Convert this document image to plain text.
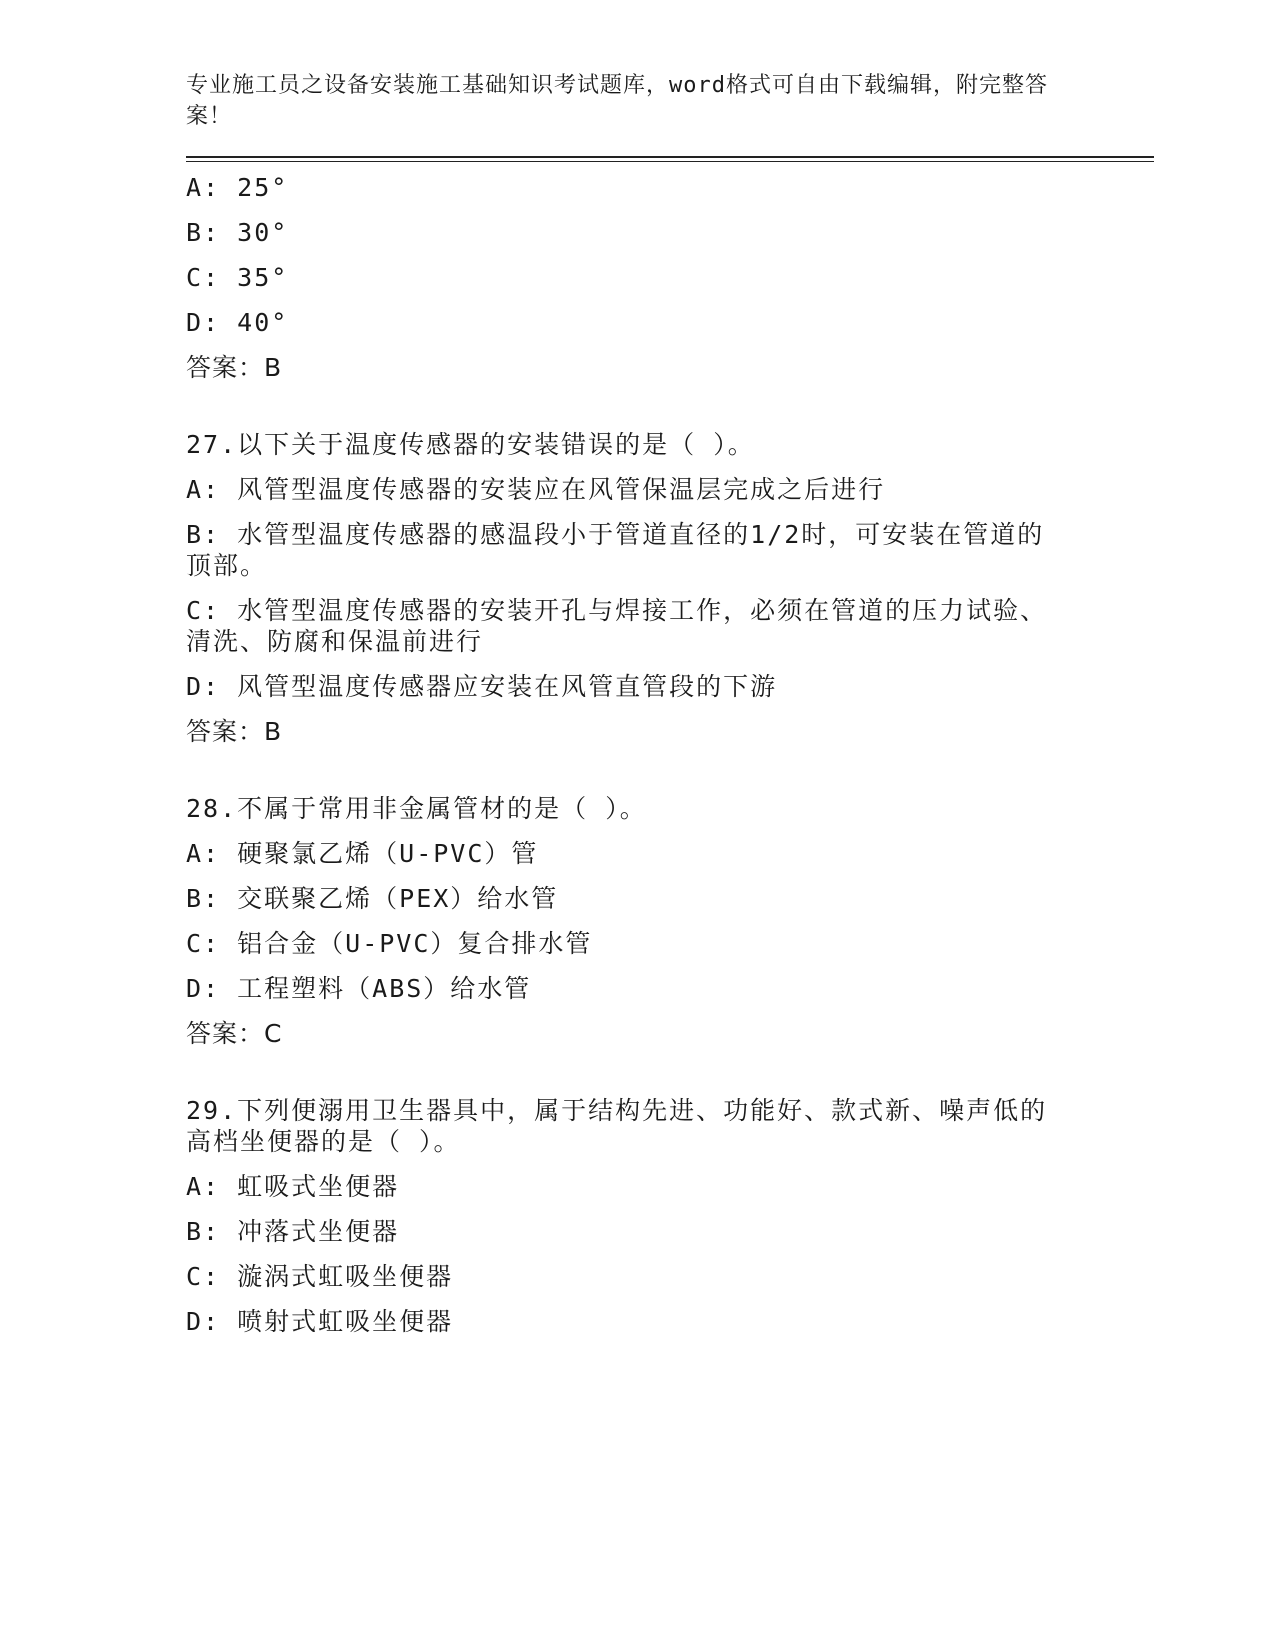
专业施工员之设备安装施工基础知识考试题库，word格式可自由下载编辑，附完整答案！
A: 25°
B: 30°
C: 35°
D: 40°
答案：B
27.以下关于温度传感器的安装错误的是（ ）。
A: 风管型温度传感器的安装应在风管保温层完成之后进行
B: 水管型温度传感器的感温段小于管道直径的1/2时，可安装在管道的顶部。
C: 水管型温度传感器的安装开孔与焊接工作，必须在管道的压力试验、清洗、防腐和保温前进行
D: 风管型温度传感器应安装在风管直管段的下游
答案：B
28.不属于常用非金属管材的是（ ）。
A: 硬聚氯乙烯（U-PVC）管
B: 交联聚乙烯（PEX）给水管
C: 铝合金（U-PVC）复合排水管
D: 工程塑料（ABS）给水管
答案：C
29.下列便溺用卫生器具中，属于结构先进、功能好、款式新、噪声低的高档坐便器的是（ ）。
A: 虹吸式坐便器
B: 冲落式坐便器
C: 漩涡式虹吸坐便器
D: 喷射式虹吸坐便器
